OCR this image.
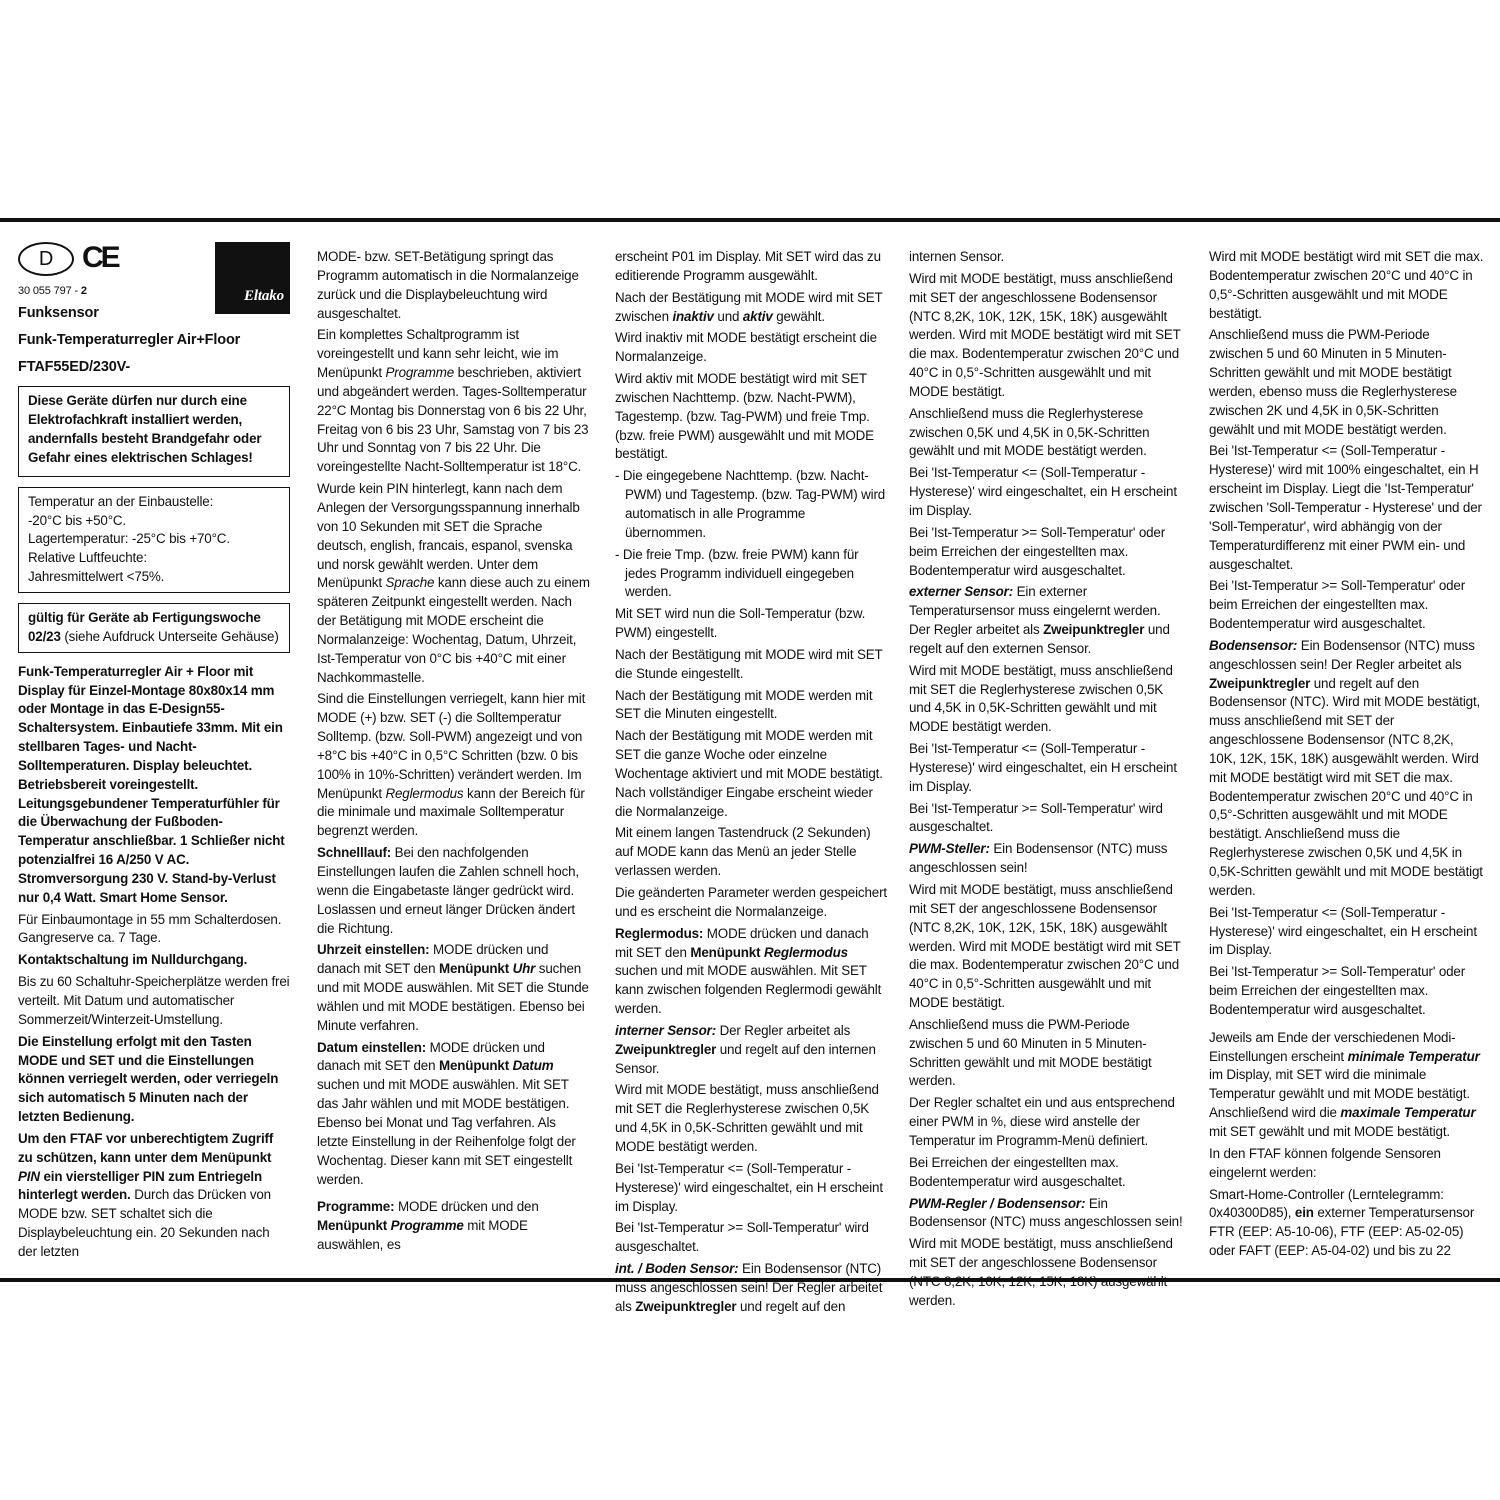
D CE
Eltako

30 055 797 - 2

Funksensor

Funk-Temperaturregler Air+Floor

FTAF55ED/230V-

Diese Geräte dürfen nur durch eine Elektrofachkraft installiert werden, andernfalls besteht Brandgefahr oder Gefahr eines elektrischen Schlages!

Temperatur an der Einbaustelle:

-20°C bis +50°C.

Lagertemperatur: -25°C bis +70°C.

Relative Luftfeuchte:

Jahresmittelwert <75%.

gültig für Geräte ab Fertigungswoche 02/23 (siehe Aufdruck Unterseite Gehäuse)

Funk-Temperaturregler Air + Floor mit Display für Einzel-Montage 80x80x14 mm oder Montage in das E-Design55-Schaltersystem. Einbautiefe 33mm. Mit ein stellbaren Tages- und Nacht-Solltemperaturen. Display beleuchtet. Betriebsbereit voreingestellt. Leitungsgebundener Temperaturfühler für die Überwachung der Fußboden-Temperatur anschließbar. 1 Schließer nicht potenzialfrei 16 A/250 V AC. Stromversorgung 230 V. Stand-by-Verlust nur 0,4 Watt. Smart Home Sensor.

Für Einbaumontage in 55 mm Schalterdosen. Gangreserve ca. 7 Tage.

Kontaktschaltung im Nulldurchgang.

Bis zu 60 Schaltuhr-Speicherplätze werden frei verteilt. Mit Datum und automatischer Sommerzeit/Winterzeit-Umstellung.

Die Einstellung erfolgt mit den Tasten MODE und SET und die Einstellungen können verriegelt werden, oder verriegeln sich automatisch 5 Minuten nach der letzten Bedienung.

Um den FTAF vor unberechtigtem Zugriff zu schützen, kann unter dem Menüpunkt PIN ein vierstelliger PIN zum Entriegeln hinterlegt werden. Durch das Drücken von MODE bzw. SET schaltet sich die Displaybeleuchtung ein. 20 Sekunden nach der letzten

MODE- bzw. SET-Betätigung springt das Programm automatisch in die Normalanzeige zurück und die Displaybeleuchtung wird ausgeschaltet.

Ein komplettes Schaltprogramm ist voreingestellt und kann sehr leicht, wie im Menüpunkt Programme beschrieben, aktiviert und abgeändert werden. Tages-Solltemperatur 22°C Montag bis Donnerstag von 6 bis 22 Uhr, Freitag von 6 bis 23 Uhr, Samstag von 7 bis 23 Uhr und Sonntag von 7 bis 22 Uhr. Die voreingestellte Nacht-Solltemperatur ist 18°C.

Wurde kein PIN hinterlegt, kann nach dem Anlegen der Versorgungsspannung innerhalb von 10 Sekunden mit SET die Sprache deutsch, english, francais, espanol, svenska und norsk gewählt werden. Unter dem Menüpunkt Sprache kann diese auch zu einem späteren Zeitpunkt eingestellt werden. Nach der Betätigung mit MODE erscheint die Normalanzeige: Wochentag, Datum, Uhrzeit, Ist-Temperatur von 0°C bis +40°C mit einer Nachkommastelle.

Sind die Einstellungen verriegelt, kann hier mit MODE (+) bzw. SET (-) die Solltemperatur Solltemp. (bzw. Soll-PWM) angezeigt und von +8°C bis +40°C in 0,5°C Schritten (bzw. 0 bis 100% in 10%-Schritten) verändert werden. Im Menüpunkt Reglermodus kann der Bereich für die minimale und maximale Solltemperatur begrenzt werden.

Schnelllauf: Bei den nachfolgenden Einstellungen laufen die Zahlen schnell hoch, wenn die Eingabetaste länger gedrückt wird. Loslassen und erneut länger Drücken ändert die Richtung.

Uhrzeit einstellen: MODE drücken und danach mit SET den Menüpunkt Uhr suchen und mit MODE auswählen. Mit SET die Stunde wählen und mit MODE bestätigen. Ebenso bei Minute verfahren.

Datum einstellen: MODE drücken und danach mit SET den Menüpunkt Datum suchen und mit MODE auswählen. Mit SET das Jahr wählen und mit MODE bestätigen. Ebenso bei Monat und Tag verfahren. Als letzte Einstellung in der Reihenfolge folgt der Wochentag. Dieser kann mit SET eingestellt werden.

Programme: MODE drücken und den Menüpunkt Programme mit MODE auswählen, es

erscheint P01 im Display. Mit SET wird das zu editierende Programm ausgewählt.

Nach der Bestätigung mit MODE wird mit SET zwischen inaktiv und aktiv gewählt.

Wird inaktiv mit MODE bestätigt erscheint die Normalanzeige.

Wird aktiv mit MODE bestätigt wird mit SET zwischen Nachttemp. (bzw. Nacht-PWM), Tagestemp. (bzw. Tag-PWM) und freie Tmp. (bzw. freie PWM) ausgewählt und mit MODE bestätigt.

- Die eingegebene Nachttemp. (bzw. Nacht-PWM) und Tagestemp. (bzw. Tag-PWM) wird automatisch in alle Programme übernommen.

- Die freie Tmp. (bzw. freie PWM) kann für jedes Programm individuell eingegeben werden.

Mit SET wird nun die Soll-Temperatur (bzw. PWM) eingestellt.

Nach der Bestätigung mit MODE wird mit SET die Stunde eingestellt.

Nach der Bestätigung mit MODE werden mit SET die Minuten eingestellt.

Nach der Bestätigung mit MODE werden mit SET die ganze Woche oder einzelne Wochentage aktiviert und mit MODE bestätigt. Nach vollständiger Eingabe erscheint wieder die Normalanzeige.

Mit einem langen Tastendruck (2 Sekunden) auf MODE kann das Menü an jeder Stelle verlassen werden.

Die geänderten Parameter werden gespeichert und es erscheint die Normalanzeige.

Reglermodus: MODE drücken und danach mit SET den Menüpunkt Reglermodus suchen und mit MODE auswählen. Mit SET kann zwischen folgenden Reglermodi gewählt werden.

interner Sensor: Der Regler arbeitet als Zweipunktregler und regelt auf den internen Sensor.

Wird mit MODE bestätigt, muss anschließend mit SET die Reglerhysterese zwischen 0,5K und 4,5K in 0,5K-Schritten gewählt und mit MODE bestätigt werden.

Bei 'Ist-Temperatur <= (Soll-Temperatur - Hysterese)' wird eingeschaltet, ein H erscheint im Display.

Bei 'Ist-Temperatur >= Soll-Temperatur' wird ausgeschaltet.

int. / Boden Sensor: Ein Bodensensor (NTC) muss angeschlossen sein! Der Regler arbeitet als Zweipunktregler und regelt auf den

internen Sensor.

Wird mit MODE bestätigt, muss anschließend mit SET der angeschlossene Bodensensor (NTC 8,2K, 10K, 12K, 15K, 18K) ausgewählt werden. Wird mit MODE bestätigt wird mit SET die max. Bodentemperatur zwischen 20°C und 40°C in 0,5°-Schritten ausgewählt und mit MODE bestätigt.

Anschließend muss die Reglerhysterese zwischen 0,5K und 4,5K in 0,5K-Schritten gewählt und mit MODE bestätigt werden.

Bei 'Ist-Temperatur <= (Soll-Temperatur - Hysterese)' wird eingeschaltet, ein H erscheint im Display.

Bei 'Ist-Temperatur >= Soll-Temperatur' oder beim Erreichen der eingestellten max. Bodentemperatur wird ausgeschaltet.

externer Sensor: Ein externer Temperatursensor muss eingelernt werden. Der Regler arbeitet als Zweipunktregler und regelt auf den externen Sensor.

Wird mit MODE bestätigt, muss anschließend mit SET die Reglerhysterese zwischen 0,5K und 4,5K in 0,5K-Schritten gewählt und mit MODE bestätigt werden.

Bei 'Ist-Temperatur <= (Soll-Temperatur - Hysterese)' wird eingeschaltet, ein H erscheint im Display.

Bei 'Ist-Temperatur >= Soll-Temperatur' wird ausgeschaltet.

PWM-Steller: Ein Bodensensor (NTC) muss angeschlossen sein!

Wird mit MODE bestätigt, muss anschließend mit SET der angeschlossene Bodensensor (NTC 8,2K, 10K, 12K, 15K, 18K) ausgewählt werden. Wird mit MODE bestätigt wird mit SET die max. Bodentemperatur zwischen 20°C und 40°C in 0,5°-Schritten ausgewählt und mit MODE bestätigt.

Anschließend muss die PWM-Periode zwischen 5 und 60 Minuten in 5 Minuten-Schritten gewählt und mit MODE bestätigt werden.

Der Regler schaltet ein und aus entsprechend einer PWM in %, diese wird anstelle der Temperatur im Programm-Menü definiert.

Bei Erreichen der eingestellten max. Bodentemperatur wird ausgeschaltet.

PWM-Regler / Bodensensor: Ein Bodensensor (NTC) muss angeschlossen sein!

Wird mit MODE bestätigt, muss anschließend mit SET der angeschlossene Bodensensor (NTC 8,2K, 10K, 12K, 15K, 18K) ausgewählt werden.

Wird mit MODE bestätigt wird mit SET die max. Bodentemperatur zwischen 20°C und 40°C in 0,5°-Schritten ausgewählt und mit MODE bestätigt.

Anschließend muss die PWM-Periode zwischen 5 und 60 Minuten in 5 Minuten-Schritten gewählt und mit MODE bestätigt werden, ebenso muss die Reglerhysterese zwischen 2K und 4,5K in 0,5K-Schritten gewählt und mit MODE bestätigt werden.

Bei 'Ist-Temperatur <= (Soll-Temperatur - Hysterese)' wird mit 100% eingeschaltet, ein H erscheint im Display. Liegt die 'Ist-Temperatur' zwischen 'Soll-Temperatur - Hysterese' und der 'Soll-Temperatur', wird abhängig von der Temperaturdifferenz mit einer PWM ein- und ausgeschaltet.

Bei 'Ist-Temperatur >= Soll-Temperatur' oder beim Erreichen der eingestellten max. Bodentemperatur wird ausgeschaltet.

Bodensensor: Ein Bodensensor (NTC) muss angeschlossen sein! Der Regler arbeitet als Zweipunktregler und regelt auf den Bodensensor (NTC). Wird mit MODE bestätigt, muss anschließend mit SET der angeschlossene Bodensensor (NTC 8,2K, 10K, 12K, 15K, 18K) ausgewählt werden. Wird mit MODE bestätigt wird mit SET die max. Bodentemperatur zwischen 20°C und 40°C in 0,5°-Schritten ausgewählt und mit MODE bestätigt. Anschließend muss die Reglerhysterese zwischen 0,5K und 4,5K in 0,5K-Schritten gewählt und mit MODE bestätigt werden.

Bei 'Ist-Temperatur <= (Soll-Temperatur - Hysterese)' wird eingeschaltet, ein H erscheint im Display.

Bei 'Ist-Temperatur >= Soll-Temperatur' oder beim Erreichen der eingestellten max. Bodentemperatur wird ausgeschaltet.

Jeweils am Ende der verschiedenen Modi-Einstellungen erscheint minimale Temperatur im Display, mit SET wird die minimale Temperatur gewählt und mit MODE bestätigt. Anschließend wird die maximale Temperatur mit SET gewählt und mit MODE bestätigt.

In den FTAF können folgende Sensoren eingelernt werden:

Smart-Home-Controller (Lerntelegramm: 0x40300D85), ein externer Temperatursensor FTR (EEP: A5-10-06), FTF (EEP: A5-02-05) oder FAFT (EEP: A5-04-02) und bis zu 22
